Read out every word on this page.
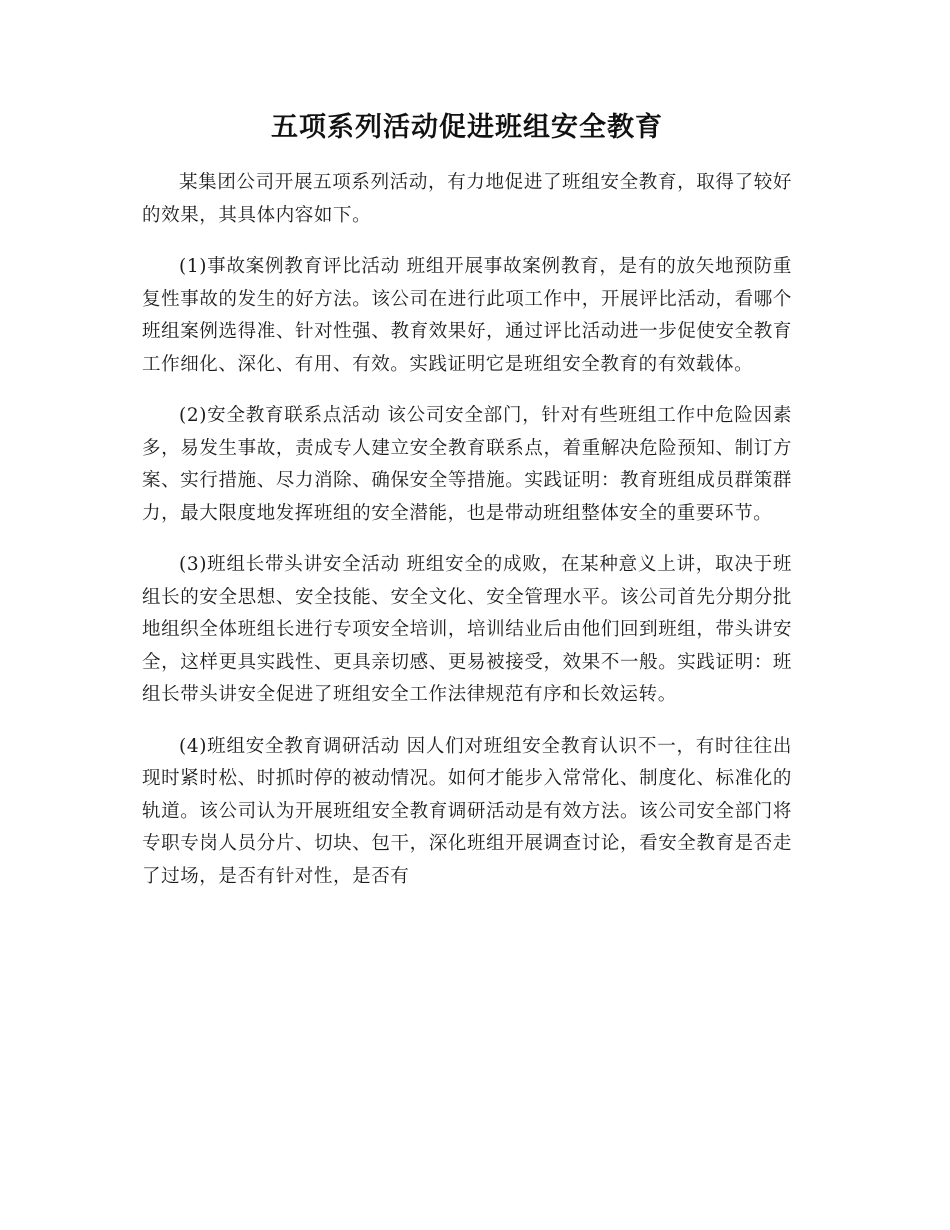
五项系列活动促进班组安全教育

某集团公司开展五项系列活动，有力地促进了班组安全教育，取得了较好的效果，其具体内容如下。

(1)事故案例教育评比活动 班组开展事故案例教育，是有的放矢地预防重复性事故的发生的好方法。该公司在进行此项工作中，开展评比活动，看哪个班组案例选得准、针对性强、教育效果好，通过评比活动进一步促使安全教育工作细化、深化、有用、有效。实践证明它是班组安全教育的有效载体。

(2)安全教育联系点活动 该公司安全部门，针对有些班组工作中危险因素多，易发生事故，责成专人建立安全教育联系点，着重解决危险预知、制订方案、实行措施、尽力消除、确保安全等措施。实践证明：教育班组成员群策群力，最大限度地发挥班组的安全潜能，也是带动班组整体安全的重要环节。

(3)班组长带头讲安全活动 班组安全的成败，在某种意义上讲，取决于班组长的安全思想、安全技能、安全文化、安全管理水平。该公司首先分期分批地组织全体班组长进行专项安全培训，培训结业后由他们回到班组，带头讲安全，这样更具实践性、更具亲切感、更易被接受，效果不一般。实践证明：班组长带头讲安全促进了班组安全工作法律规范有序和长效运转。

(4)班组安全教育调研活动 因人们对班组安全教育认识不一，有时往往出现时紧时松、时抓时停的被动情况。如何才能步入常常化、制度化、标准化的轨道。该公司认为开展班组安全教育调研活动是有效方法。该公司安全部门将专职专岗人员分片、切块、包干，深化班组开展调查讨论，看安全教育是否走了过场，是否有针对性，是否有
